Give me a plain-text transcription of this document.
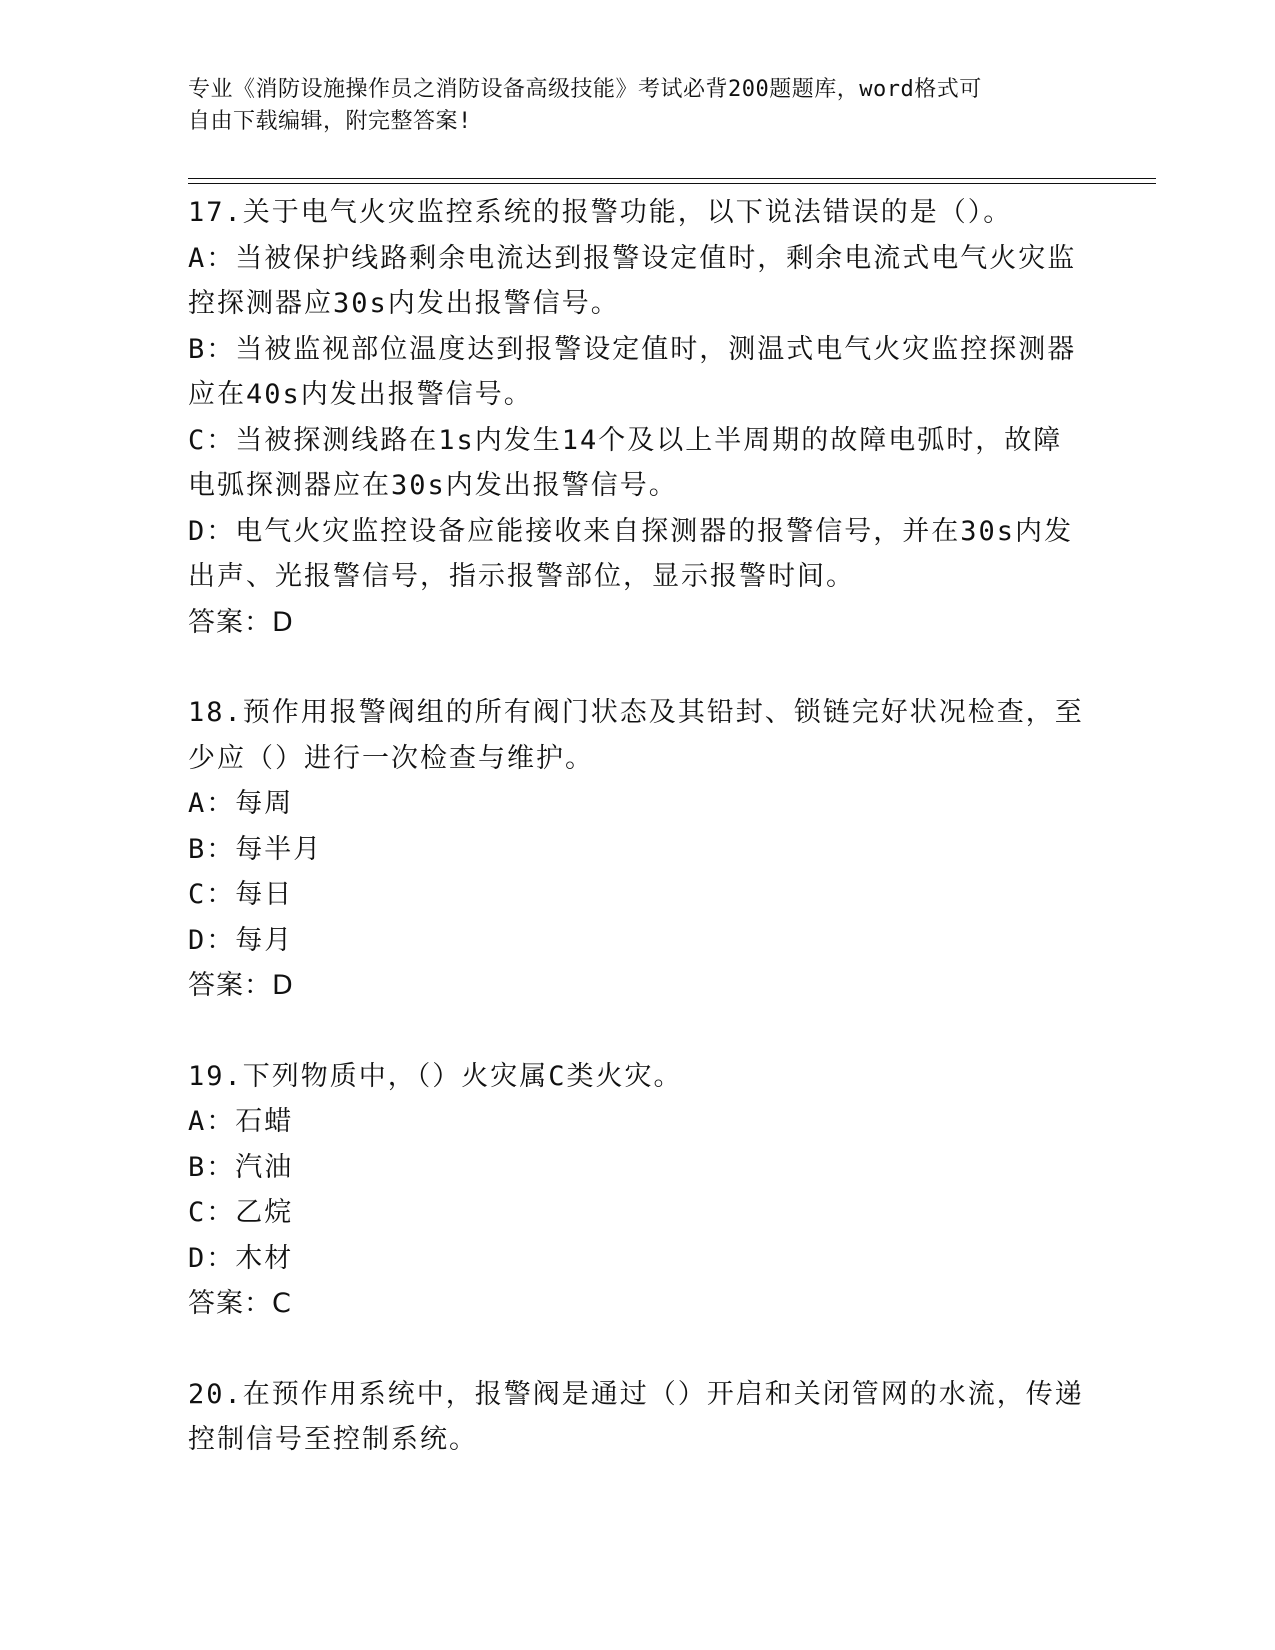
专业《消防设施操作员之消防设备高级技能》考试必背200题题库，word格式可
自由下载编辑，附完整答案!
17.关于电气火灾监控系统的报警功能，以下说法错误的是（）。
A：当被保护线路剩余电流达到报警设定值时，剩余电流式电气火灾监控探测器应30s内发出报警信号。
B：当被监视部位温度达到报警设定值时，测温式电气火灾监控探测器应在40s内发出报警信号。
C：当被探测线路在1s内发生14个及以上半周期的故障电弧时，故障电弧探测器应在30s内发出报警信号。
D：电气火灾监控设备应能接收来自探测器的报警信号，并在30s内发出声、光报警信号，指示报警部位，显示报警时间。
答案：D
18.预作用报警阀组的所有阀门状态及其铅封、锁链完好状况检查，至少应（）进行一次检查与维护。
A：每周
B：每半月
C：每日
D：每月
答案：D
19.下列物质中，（）火灾属C类火灾。
A：石蜡
B：汽油
C：乙烷
D：木材
答案：C
20.在预作用系统中，报警阀是通过（）开启和关闭管网的水流，传递控制信号至控制系统。
